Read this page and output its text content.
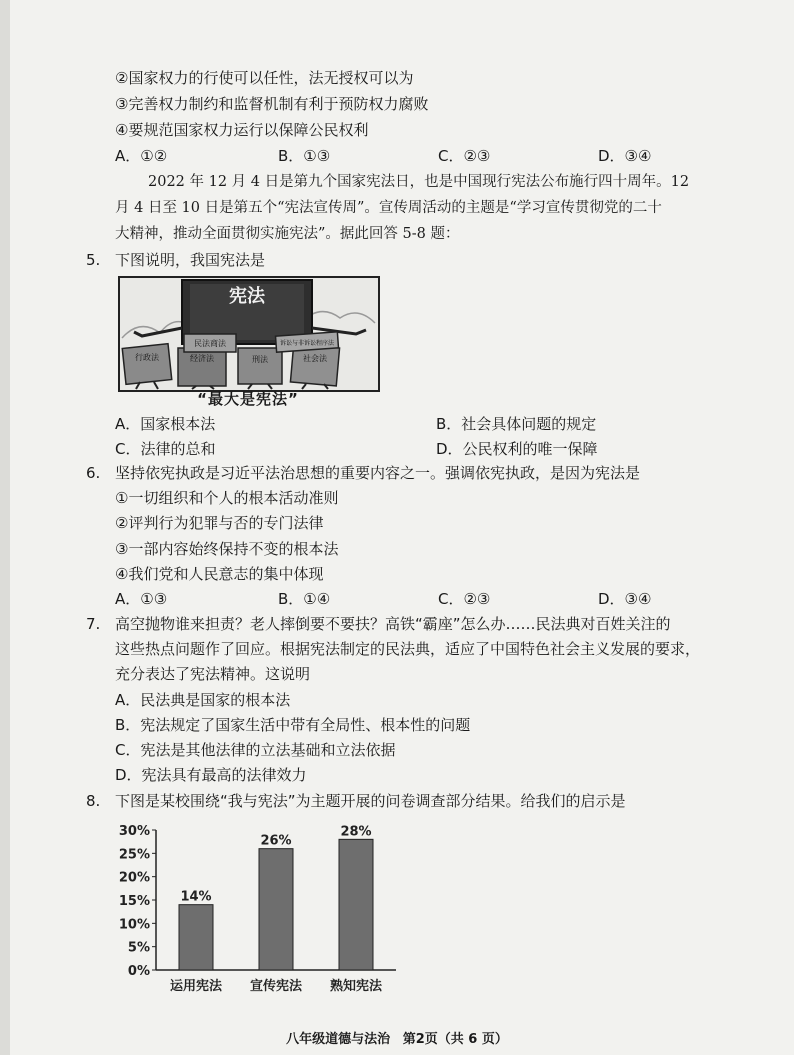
②国家权力的行使可以任性，法无授权可以为
③完善权力制约和监督机制有利于预防权力腐败
④要规范国家权力运行以保障公民权利
A．①②	B．①③	C．②③	D．③④
2022 年 12 月 4 日是第九个国家宪法日，也是中国现行宪法公布施行四十周年。12
月 4 日至 10 日是第五个“宪法宣传周”。宣传周活动的主题是“学习宣传贯彻党的二十
大精神，推动全面贯彻实施宪法”。据此回答 5-8 题：
5. 下图说明，我国宪法是
宪法
行政法	经济法
民法商法
刑法	社会法
诉讼与非诉讼程序法
“最大是宪法”
A．国家根本法	B．社会具体问题的规定
C．法律的总和	D．公民权利的唯一保障
6. 坚持依宪执政是习近平法治思想的重要内容之一。强调依宪执政，是因为宪法是
①一切组织和个人的根本活动准则
②评判行为犯罪与否的专门法律
③一部内容始终保持不变的根本法
④我们党和人民意志的集中体现
A．①③	B．①④	C．②③	D．③④
7. 高空抛物谁来担责？老人摔倒要不要扶？高铁“霸座”怎么办……民法典对百姓关注的
这些热点问题作了回应。根据宪法制定的民法典，适应了中国特色社会主义发展的要求，
充分表达了宪法精神。这说明
A．民法典是国家的根本法
B．宪法规定了国家生活中带有全局性、根本性的问题
C．宪法是其他法律的立法基础和立法依据
D．宪法具有最高的法律效力
8. 下图是某校围绕“我与宪法”为主题开展的问卷调查部分结果。给我们的启示是
0%
5%
10%
15%
20%
25%
30%
14%
运用宪法
26%
宣传宪法
28%
熟知宪法
八年级道德与法治 第2页（共 6 页）
